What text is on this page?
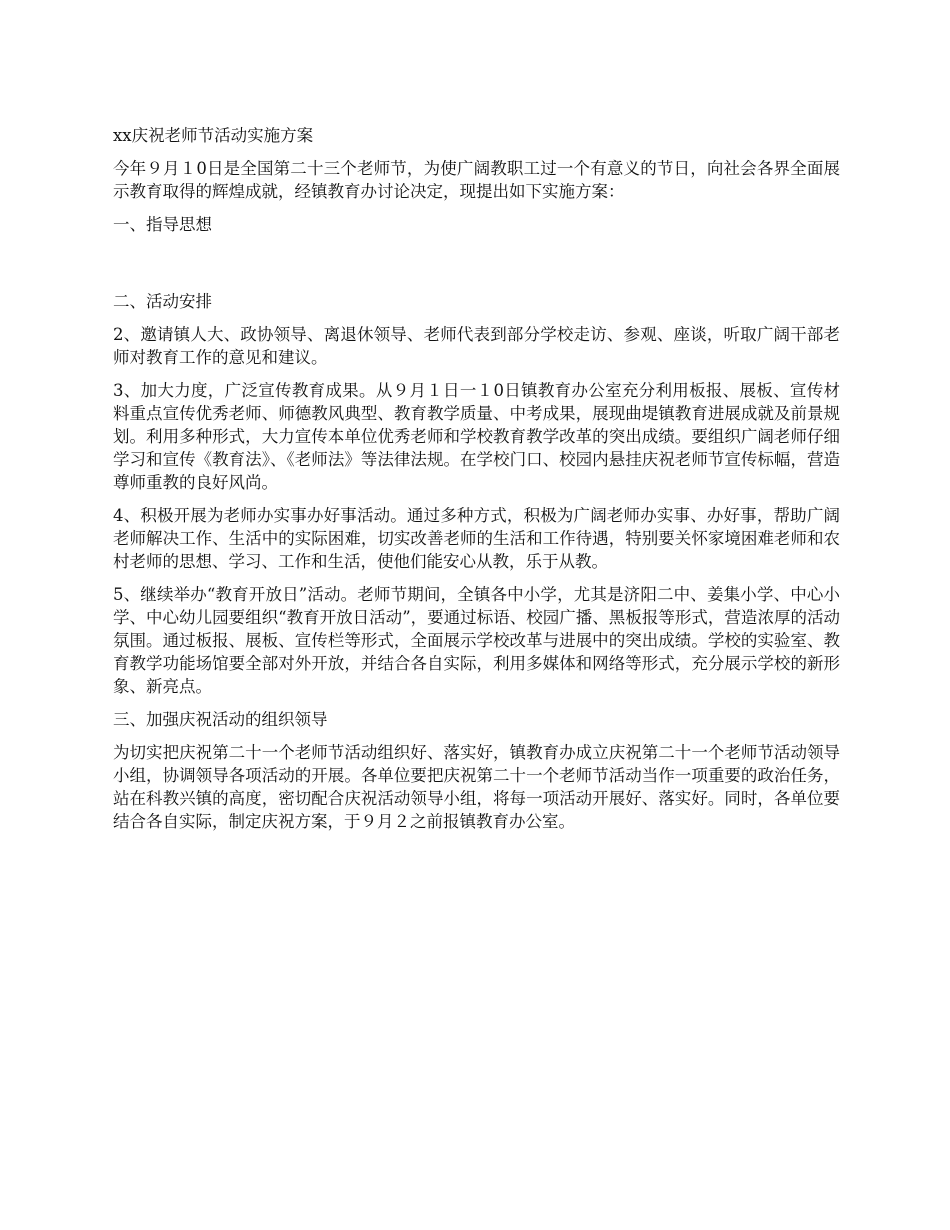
xx庆祝老师节活动实施方案

今年９月１0日是全国第二十三个老师节，为使广阔教职工过一个有意义的节日，向社会各界全面展示教育取得的辉煌成就，经镇教育办讨论决定，现提出如下实施方案：

一、指导思想

二、活动安排

2、邀请镇人大、政协领导、离退休领导、老师代表到部分学校走访、参观、座谈，听取广阔干部老师对教育工作的意见和建议。

3、加大力度，广泛宣传教育成果。从９月１日一１0日镇教育办公室充分利用板报、展板、宣传材料重点宣传优秀老师、师德教风典型、教育教学质量、中考成果，展现曲堤镇教育进展成就及前景规划。利用多种形式，大力宣传本单位优秀老师和学校教育教学改革的突出成绩。要组织广阔老师仔细学习和宣传《教育法》、《老师法》等法律法规。在学校门口、校园内悬挂庆祝老师节宣传标幅，营造尊师重教的良好风尚。

4、积极开展为老师办实事办好事活动。通过多种方式，积极为广阔老师办实事、办好事，帮助广阔老师解决工作、生活中的实际困难，切实改善老师的生活和工作待遇，特别要关怀家境困难老师和农村老师的思想、学习、工作和生活，使他们能安心从教，乐于从教。

5、继续举办“教育开放日”活动。老师节期间，全镇各中小学，尤其是济阳二中、姜集小学、中心小学、中心幼儿园要组织“教育开放日活动”，要通过标语、校园广播、黑板报等形式，营造浓厚的活动氛围。通过板报、展板、宣传栏等形式，全面展示学校改革与进展中的突出成绩。学校的实验室、教育教学功能场馆要全部对外开放，并结合各自实际，利用多媒体和网络等形式，充分展示学校的新形象、新亮点。

三、加强庆祝活动的组织领导

为切实把庆祝第二十一个老师节活动组织好、落实好，镇教育办成立庆祝第二十一个老师节活动领导小组，协调领导各项活动的开展。各单位要把庆祝第二十一个老师节活动当作一项重要的政治任务，站在科教兴镇的高度，密切配合庆祝活动领导小组，将每一项活动开展好、落实好。同时，各单位要结合各自实际，制定庆祝方案，于９月２之前报镇教育办公室。
